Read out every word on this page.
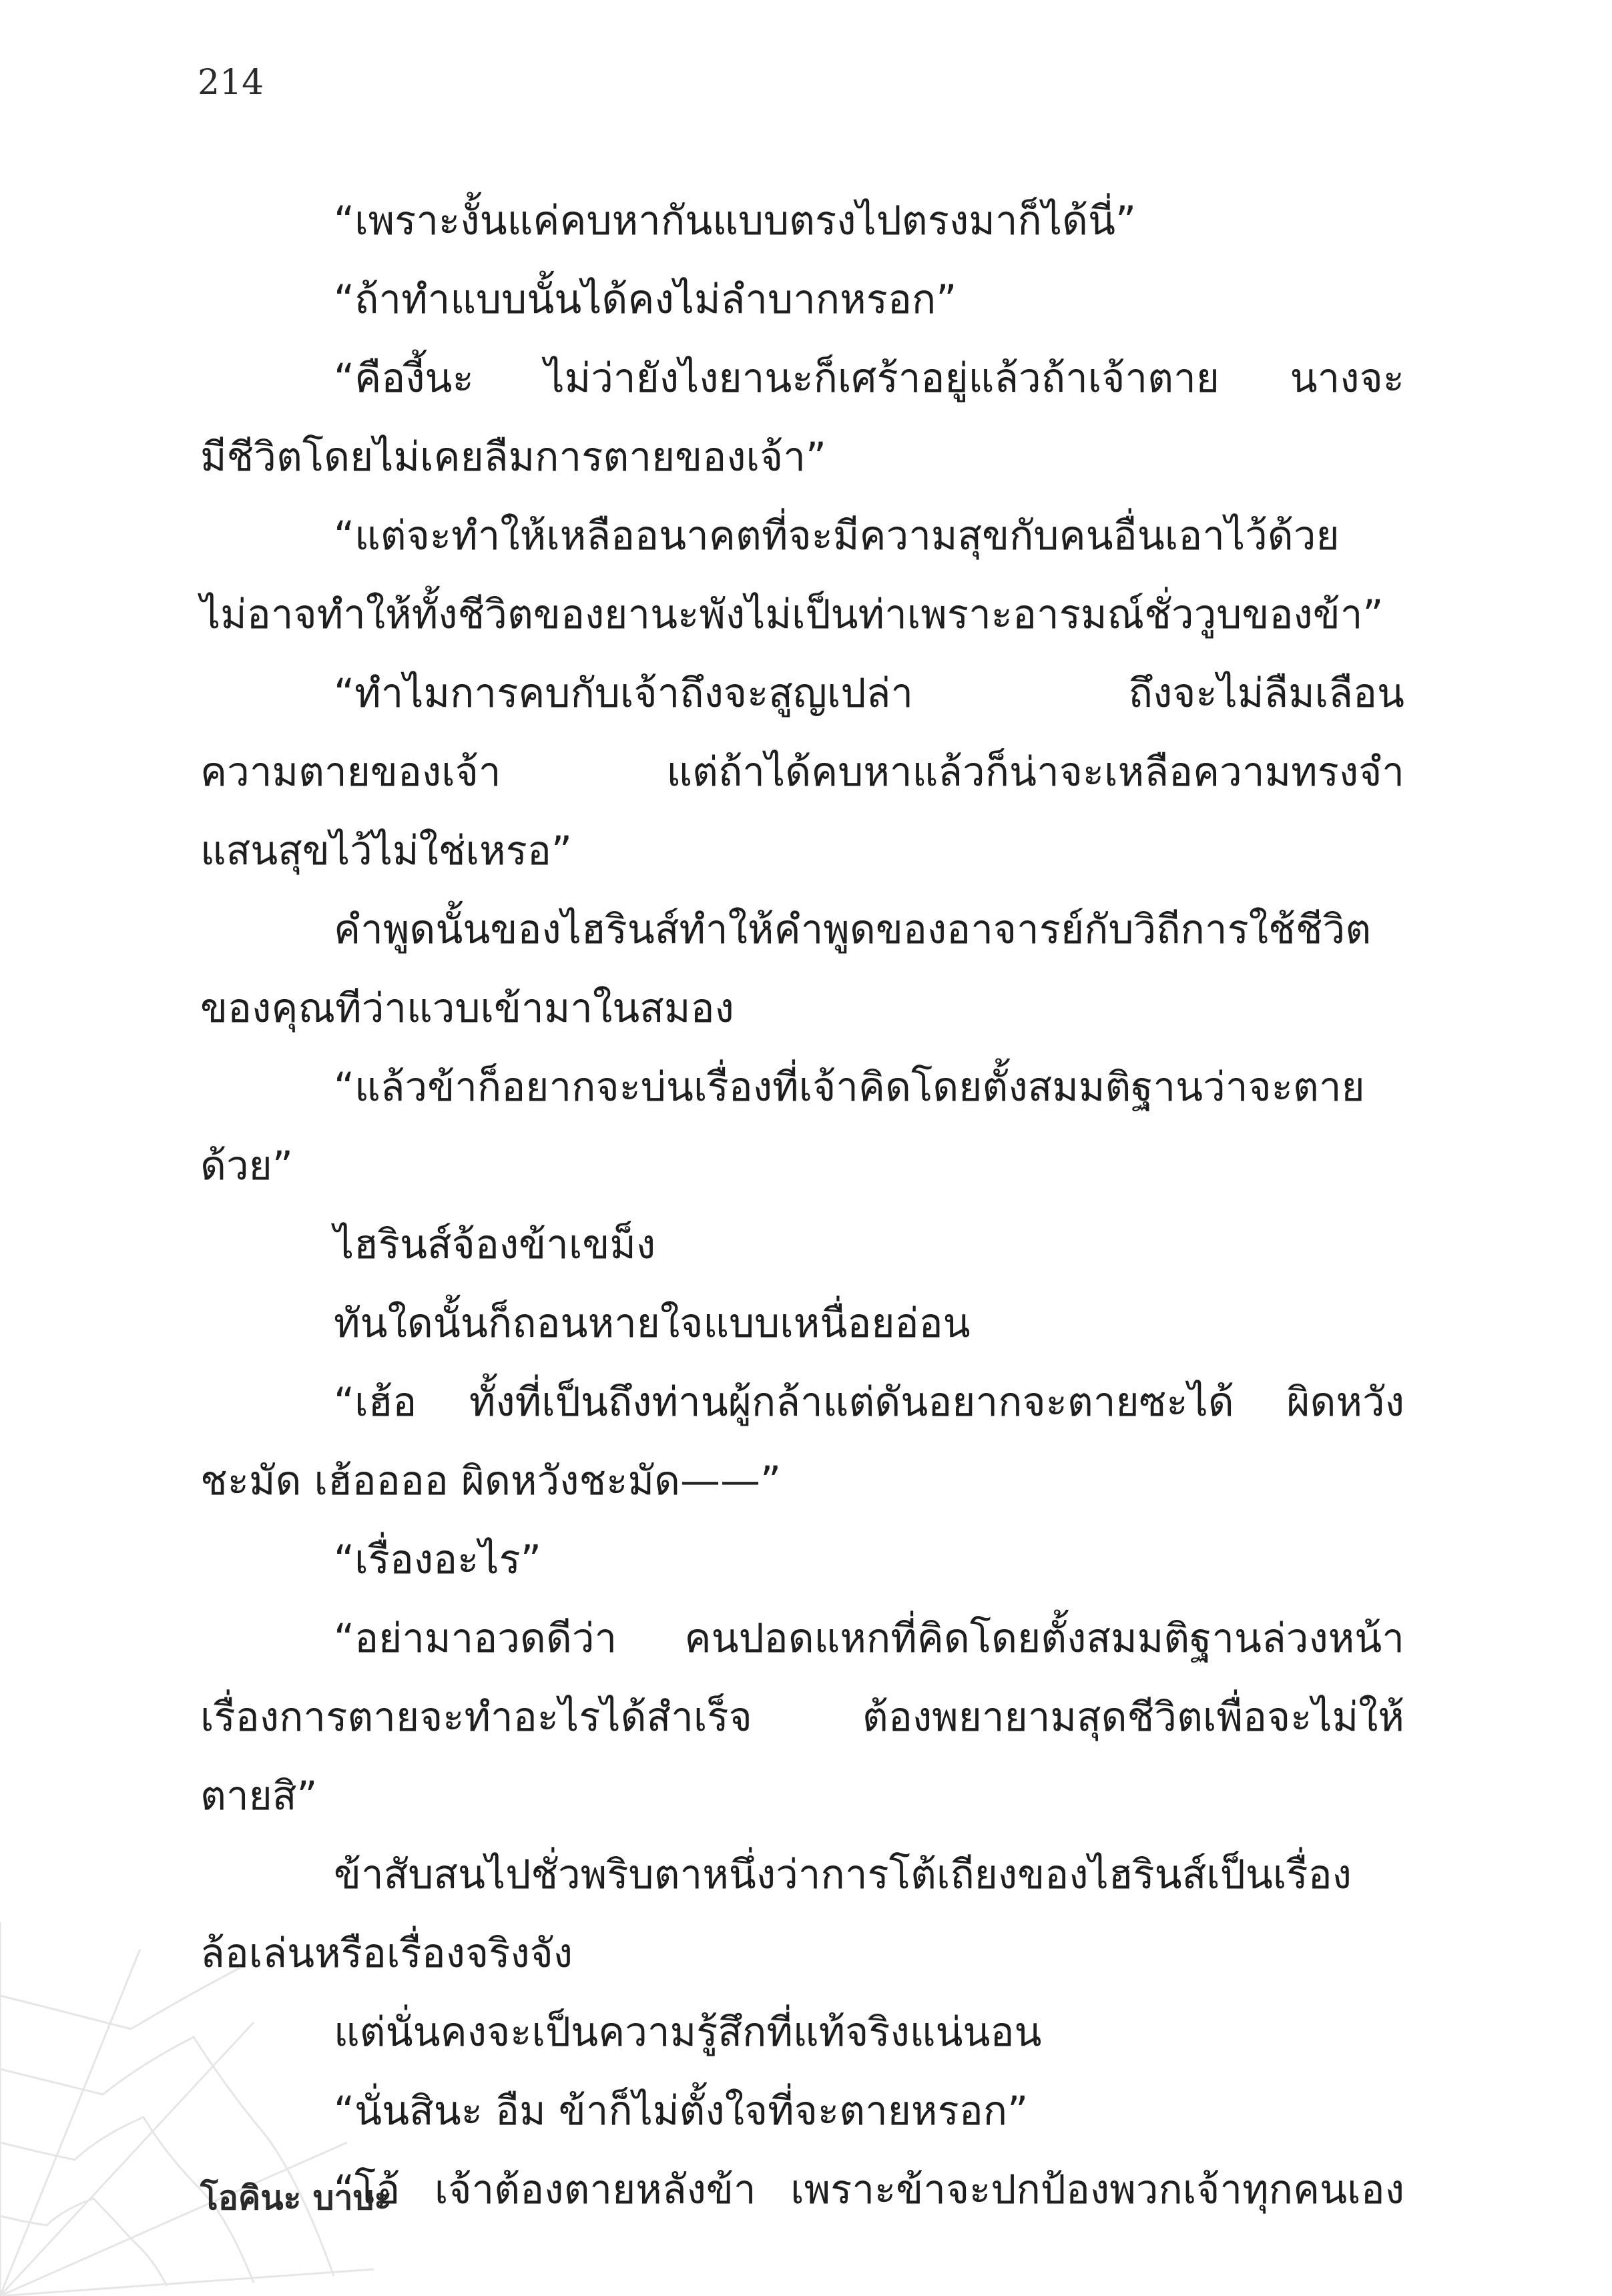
214
“เพราะงั้นแค่คบหากันแบบตรงไปตรงมาก็ได้นี่”
“ถ้าทำแบบนั้นได้คงไม่ลำบากหรอก”
“คืองี้นะ ไม่ว่ายังไงยานะก็เศร้าอยู่แล้วถ้าเจ้าตาย นางจะ
มีชีวิตโดยไม่เคยลืมการตายของเจ้า”
“แต่จะทำให้เหลืออนาคตที่จะมีความสุขกับคนอื่นเอาไว้ด้วย
ไม่อาจทำให้ทั้งชีวิตของยานะพังไม่เป็นท่าเพราะอารมณ์ชั่ววูบของข้า”
“ทำไมการคบกับเจ้าถึงจะสูญเปล่า ถึงจะไม่ลืมเลือน
ความตายของเจ้า แต่ถ้าได้คบหาแล้วก็น่าจะเหลือความทรงจำ
แสนสุขไว้ไม่ใช่เหรอ”
คำพูดนั้นของไฮรินส์ทำให้คำพูดของอาจารย์กับวิถีการใช้ชีวิต
ของคุณทีว่าแวบเข้ามาในสมอง
“แล้วข้าก็อยากจะบ่นเรื่องที่เจ้าคิดโดยตั้งสมมติฐานว่าจะตาย
ด้วย”
ไฮรินส์จ้องข้าเขม็ง
ทันใดนั้นก็ถอนหายใจแบบเหนื่อยอ่อน
“เฮ้อ ทั้งที่เป็นถึงท่านผู้กล้าแต่ดันอยากจะตายซะได้ ผิดหวัง
ชะมัด เฮ้ออออ ผิดหวังชะมัด——”
“เรื่องอะไร”
“อย่ามาอวดดีว่า คนปอดแหกที่คิดโดยตั้งสมมติฐานล่วงหน้า
เรื่องการตายจะทำอะไรได้สำเร็จ ต้องพยายามสุดชีวิตเพื่อจะไม่ให้
ตายสิ”
ข้าสับสนไปชั่วพริบตาหนึ่งว่าการโต้เถียงของไฮรินส์เป็นเรื่อง
ล้อเล่นหรือเรื่องจริงจัง
แต่นั่นคงจะเป็นความรู้สึกที่แท้จริงแน่นอน
“นั่นสินะ อืม ข้าก็ไม่ตั้งใจที่จะตายหรอก”
“โอ้ เจ้าต้องตายหลังข้า เพราะข้าจะปกป้องพวกเจ้าทุกคนเอง
โอคินะ บาบะ
